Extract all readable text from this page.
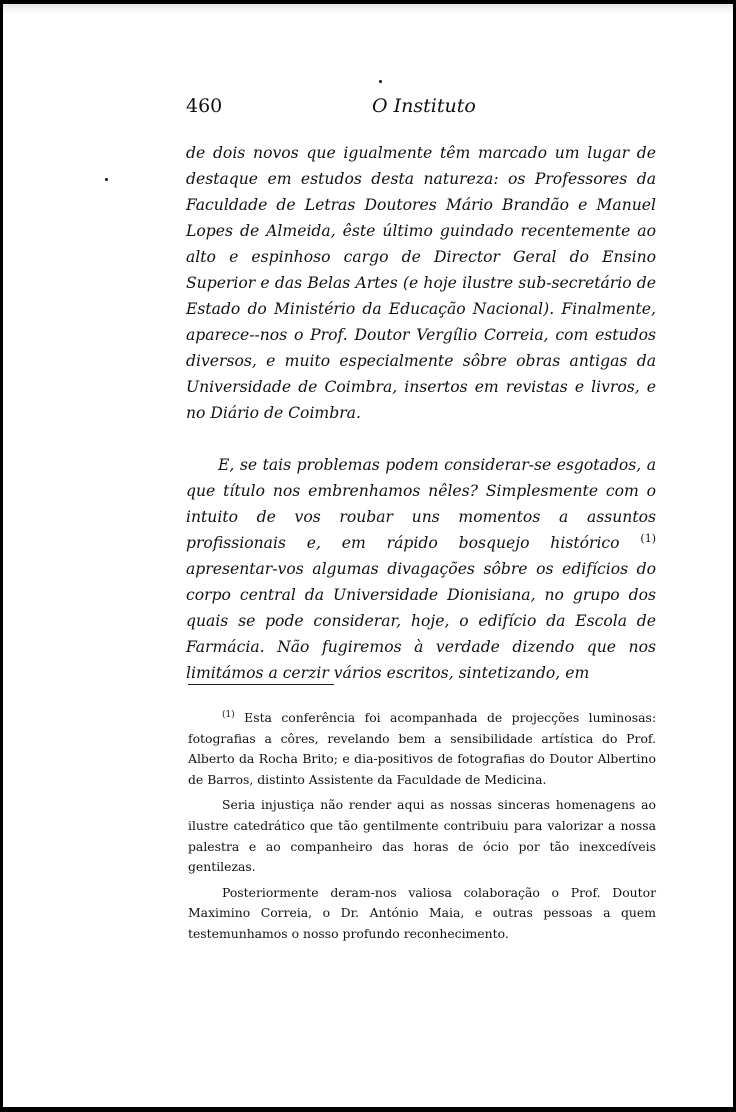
460	O Instituto

de dois novos que igualmente têm marcado um lugar de destaque em estudos desta natureza: os Professores da Faculdade de Letras Doutores Mário Brandão e Manuel Lopes de Almeida, êste último guindado recentemente ao alto e espinhoso cargo de Director Geral do Ensino Superior e das Belas Artes (e hoje ilustre sub-secretário de Estado do Ministério da Educação Nacional). Finalmente, aparece--nos o Prof. Doutor Vergílio Correia, com estudos diversos, e muito especialmente sôbre obras antigas da Universidade de Coimbra, insertos em revistas e livros, e no Diário de Coimbra.

E, se tais problemas podem considerar-se esgotados, a que título nos embrenhamos nêles? Simplesmente com o intuito de vos roubar uns momentos a assuntos profissionais e, em rápido bosquejo histórico $^{(1)}$ apresentar-vos algumas divagações sôbre os edifícios do corpo central da Universidade Dionisiana, no grupo dos quais se pode considerar, hoje, o edifício da Escola de Farmácia. Não fugiremos à verdade dizendo que nos limitámos a cerzir vários escritos, sintetizando, em

$^{(1)}$ Esta conferência foi acompanhada de projecções luminosas: fotografias a côres, revelando bem a sensibilidade artística do Prof. Alberto da Rocha Brito; e dia-positivos de fotografias do Doutor Albertino de Barros, distinto Assistente da Faculdade de Medicina.

Seria injustiça não render aqui as nossas sinceras homenagens ao ilustre catedrático que tão gentilmente contribuiu para valorizar a nossa palestra e ao companheiro das horas de ócio por tão inexcedíveis gentilezas.

Posteriormente deram-nos valiosa colaboração o Prof. Doutor Maximino Correia, o Dr. António Maia, e outras pessoas a quem testemunhamos o nosso profundo reconhecimento.
